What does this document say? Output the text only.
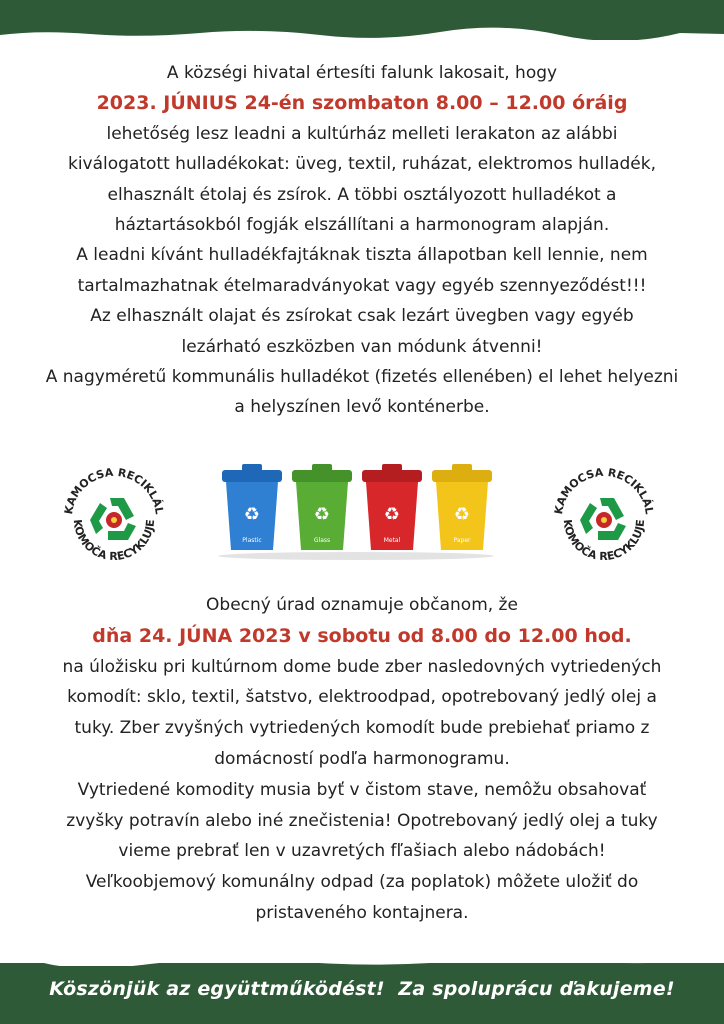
A községi hivatal értesíti falunk lakosait, hogy

2023. JÚNIUS 24-én szombaton 8.00 – 12.00 óráig

lehetőség lesz leadni a kultúrház melleti lerakaton az alábbi

kiválogatott hulladékokat: üveg, textil, ruházat, elektromos hulladék,

elhasznált étolaj és zsírok. A többi osztályozott hulladékot a

háztartásokból fogják elszállítani a harmonogram alapján.

A leadni kívánt hulladékfajtáknak tiszta állapotban kell lennie, nem

tartalmazhatnak ételmaradványokat vagy egyéb szennyeződést!!!

Az elhasznált olajat és zsírokat csak lezárt üvegben vagy egyéb

lezárható eszközben van módunk átvenni!

A nagyméretű kommunális hulladékot (fizetés ellenében) el lehet helyezni

a helyszínen levő konténerbe.

KAMOCSA RECIKLÁL
KOMOČA RECYKLUJE	♻
Plastic
♻
Glass
♻
Metal
♻
Paper
KAMOCSA RECIKLÁL
KOMOČA RECYKLUJE

Obecný úrad oznamuje občanom, že

dňa 24. JÚNA 2023 v sobotu od 8.00 do 12.00 hod.

na úložisku pri kultúrnom dome bude zber nasledovných vytriedených

komodít: sklo, textil, šatstvo, elektroodpad, opotrebovaný jedlý olej a

tuky. Zber zvyšných vytriedených komodít bude prebiehať priamo z

domácností podľa harmonogramu.

Vytriedené komodity musia byť v čistom stave, nemôžu obsahovať

zvyšky potravín alebo iné znečistenia! Opotrebovaný jedlý olej a tuky

vieme prebrať len v uzavretých fľašiach alebo nádobách!

Veľkoobjemový komunálny odpad (za poplatok) môžete uložiť do

pristaveného kontajnera.

Köszönjük az együttműködést!  Za spoluprácu ďakujeme!
